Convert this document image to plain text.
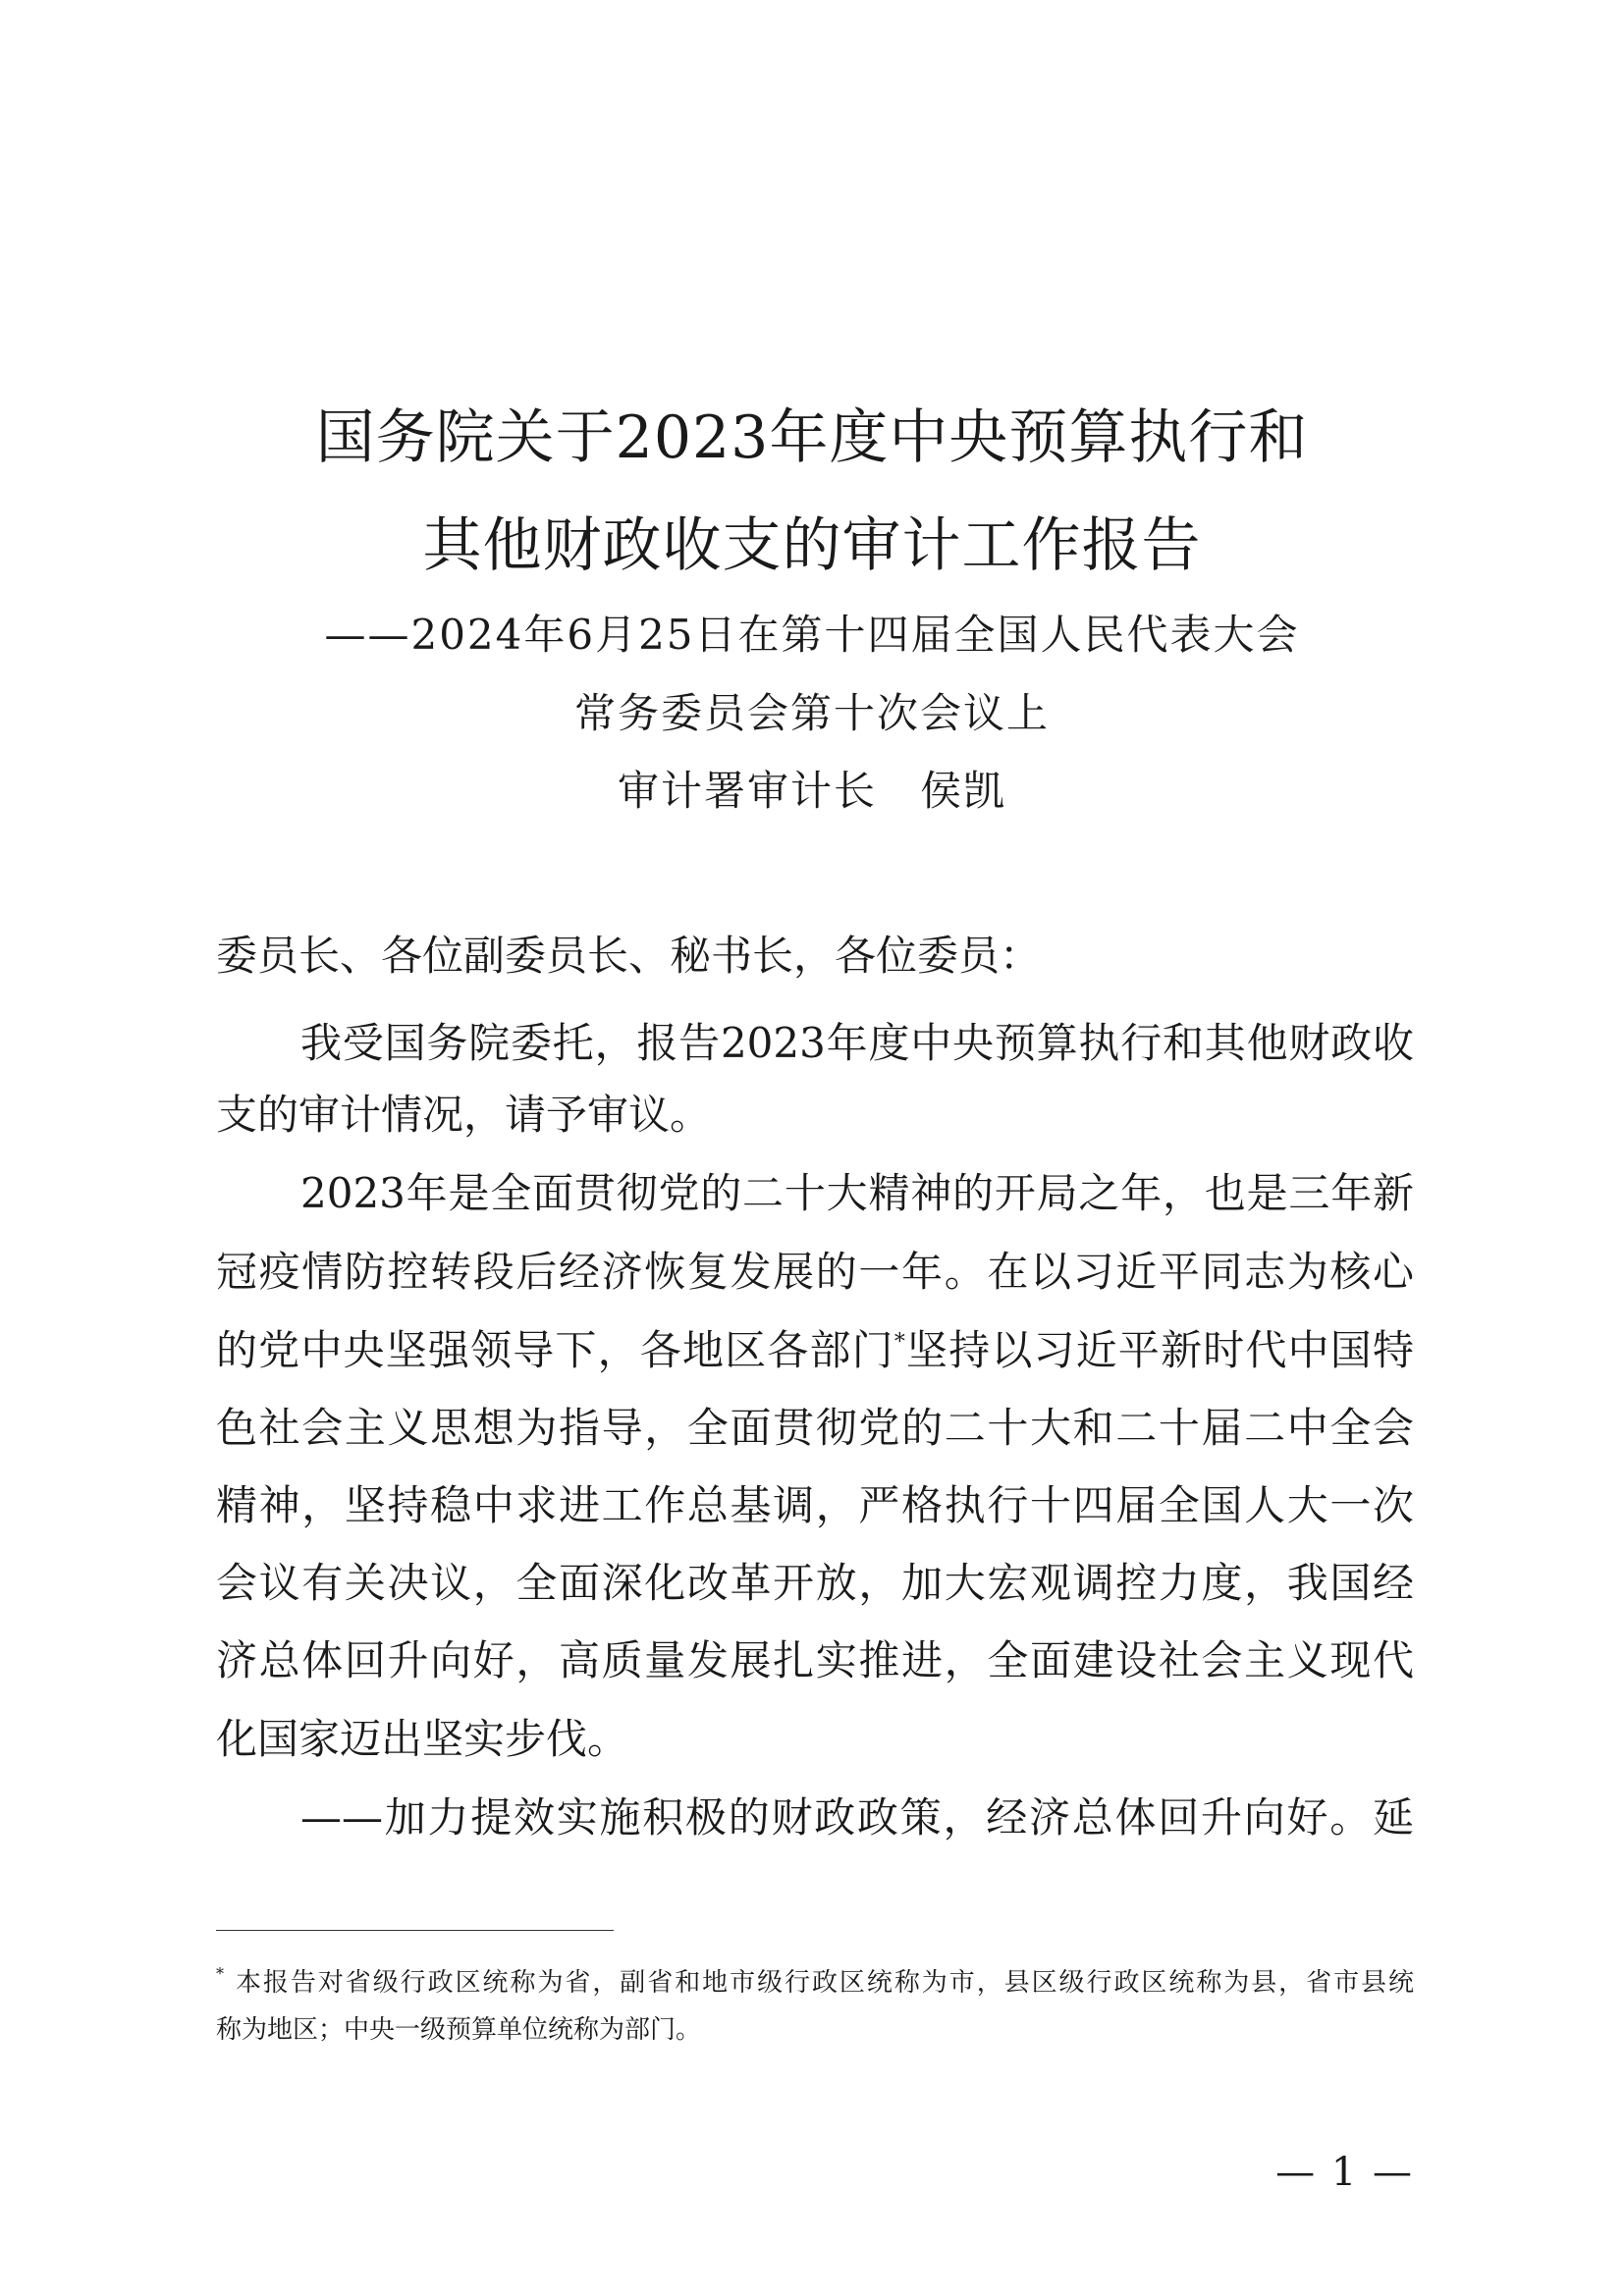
国务院关于2023年度中央预算执行和
其他财政收支的审计工作报告
——2024年6月25日在第十四届全国人民代表大会
常务委员会第十次会议上
审计署审计长　侯凯
委员长、各位副委员长、秘书长，各位委员：
我受国务院委托，报告2023年度中央预算执行和其他财政收
支的审计情况，请予审议。
2023年是全面贯彻党的二十大精神的开局之年，也是三年新
冠疫情防控转段后经济恢复发展的一年。在以习近平同志为核心
的党中央坚强领导下，各地区各部门*坚持以习近平新时代中国特
色社会主义思想为指导，全面贯彻党的二十大和二十届二中全会
精神，坚持稳中求进工作总基调，严格执行十四届全国人大一次
会议有关决议，全面深化改革开放，加大宏观调控力度，我国经
济总体回升向好，高质量发展扎实推进，全面建设社会主义现代
化国家迈出坚实步伐。
——加力提效实施积极的财政政策，经济总体回升向好。延
* 本报告对省级行政区统称为省，副省和地市级行政区统称为市，县区级行政区统称为县，省市县统
称为地区；中央一级预算单位统称为部门。
— 1 —
